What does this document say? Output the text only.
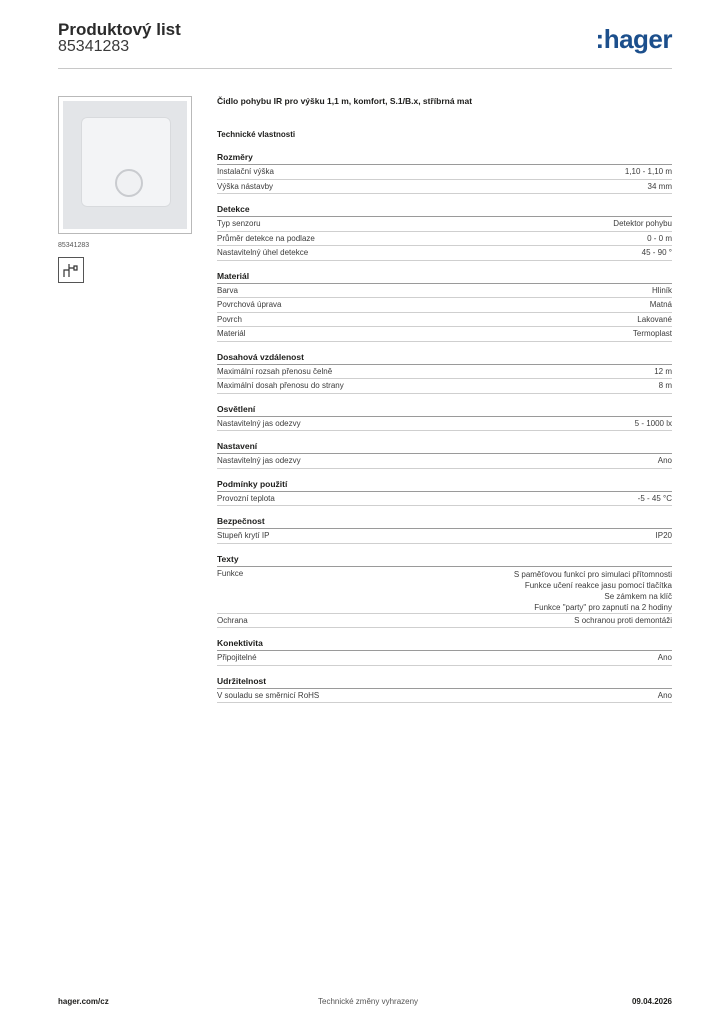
Produktový list
85341283	:hager
85341283
Čidlo pohybu IR pro výšku 1,1 m, komfort, S.1/B.x, stříbrná mat
Technické vlastnosti
Rozměry
Instalační výška	1,10 - 1,10 m
Výška nástavby	34 mm
Detekce
Typ senzoru	Detektor pohybu
Průměr detekce na podlaze	0 - 0 m
Nastavitelný úhel detekce	45 - 90 °
Materiál
Barva	Hliník
Povrchová úprava	Matná
Povrch	Lakované
Materiál	Termoplast
Dosahová vzdálenost
Maximální rozsah přenosu čelně	12 m
Maximální dosah přenosu do strany	8 m
Osvětlení
Nastavitelný jas odezvy	5 - 1000 lx
Nastavení
Nastavitelný jas odezvy	Ano
Podmínky použití
Provozní teplota	-5 - 45 °C
Bezpečnost
Stupeň krytí IP	IP20
Texty
Funkce	S paměťovou funkcí pro simulaci přítomnosti
Funkce učení reakce jasu pomocí tlačítka
Se zámkem na klíč
Funkce "party" pro zapnutí na 2 hodiny
Ochrana	S ochranou proti demontáži
Konektivita
Připojitelné	Ano
Udržitelnost
V souladu se směrnicí RoHS	Ano
hager.com/cz	Technické změny vyhrazeny	09.04.2026
